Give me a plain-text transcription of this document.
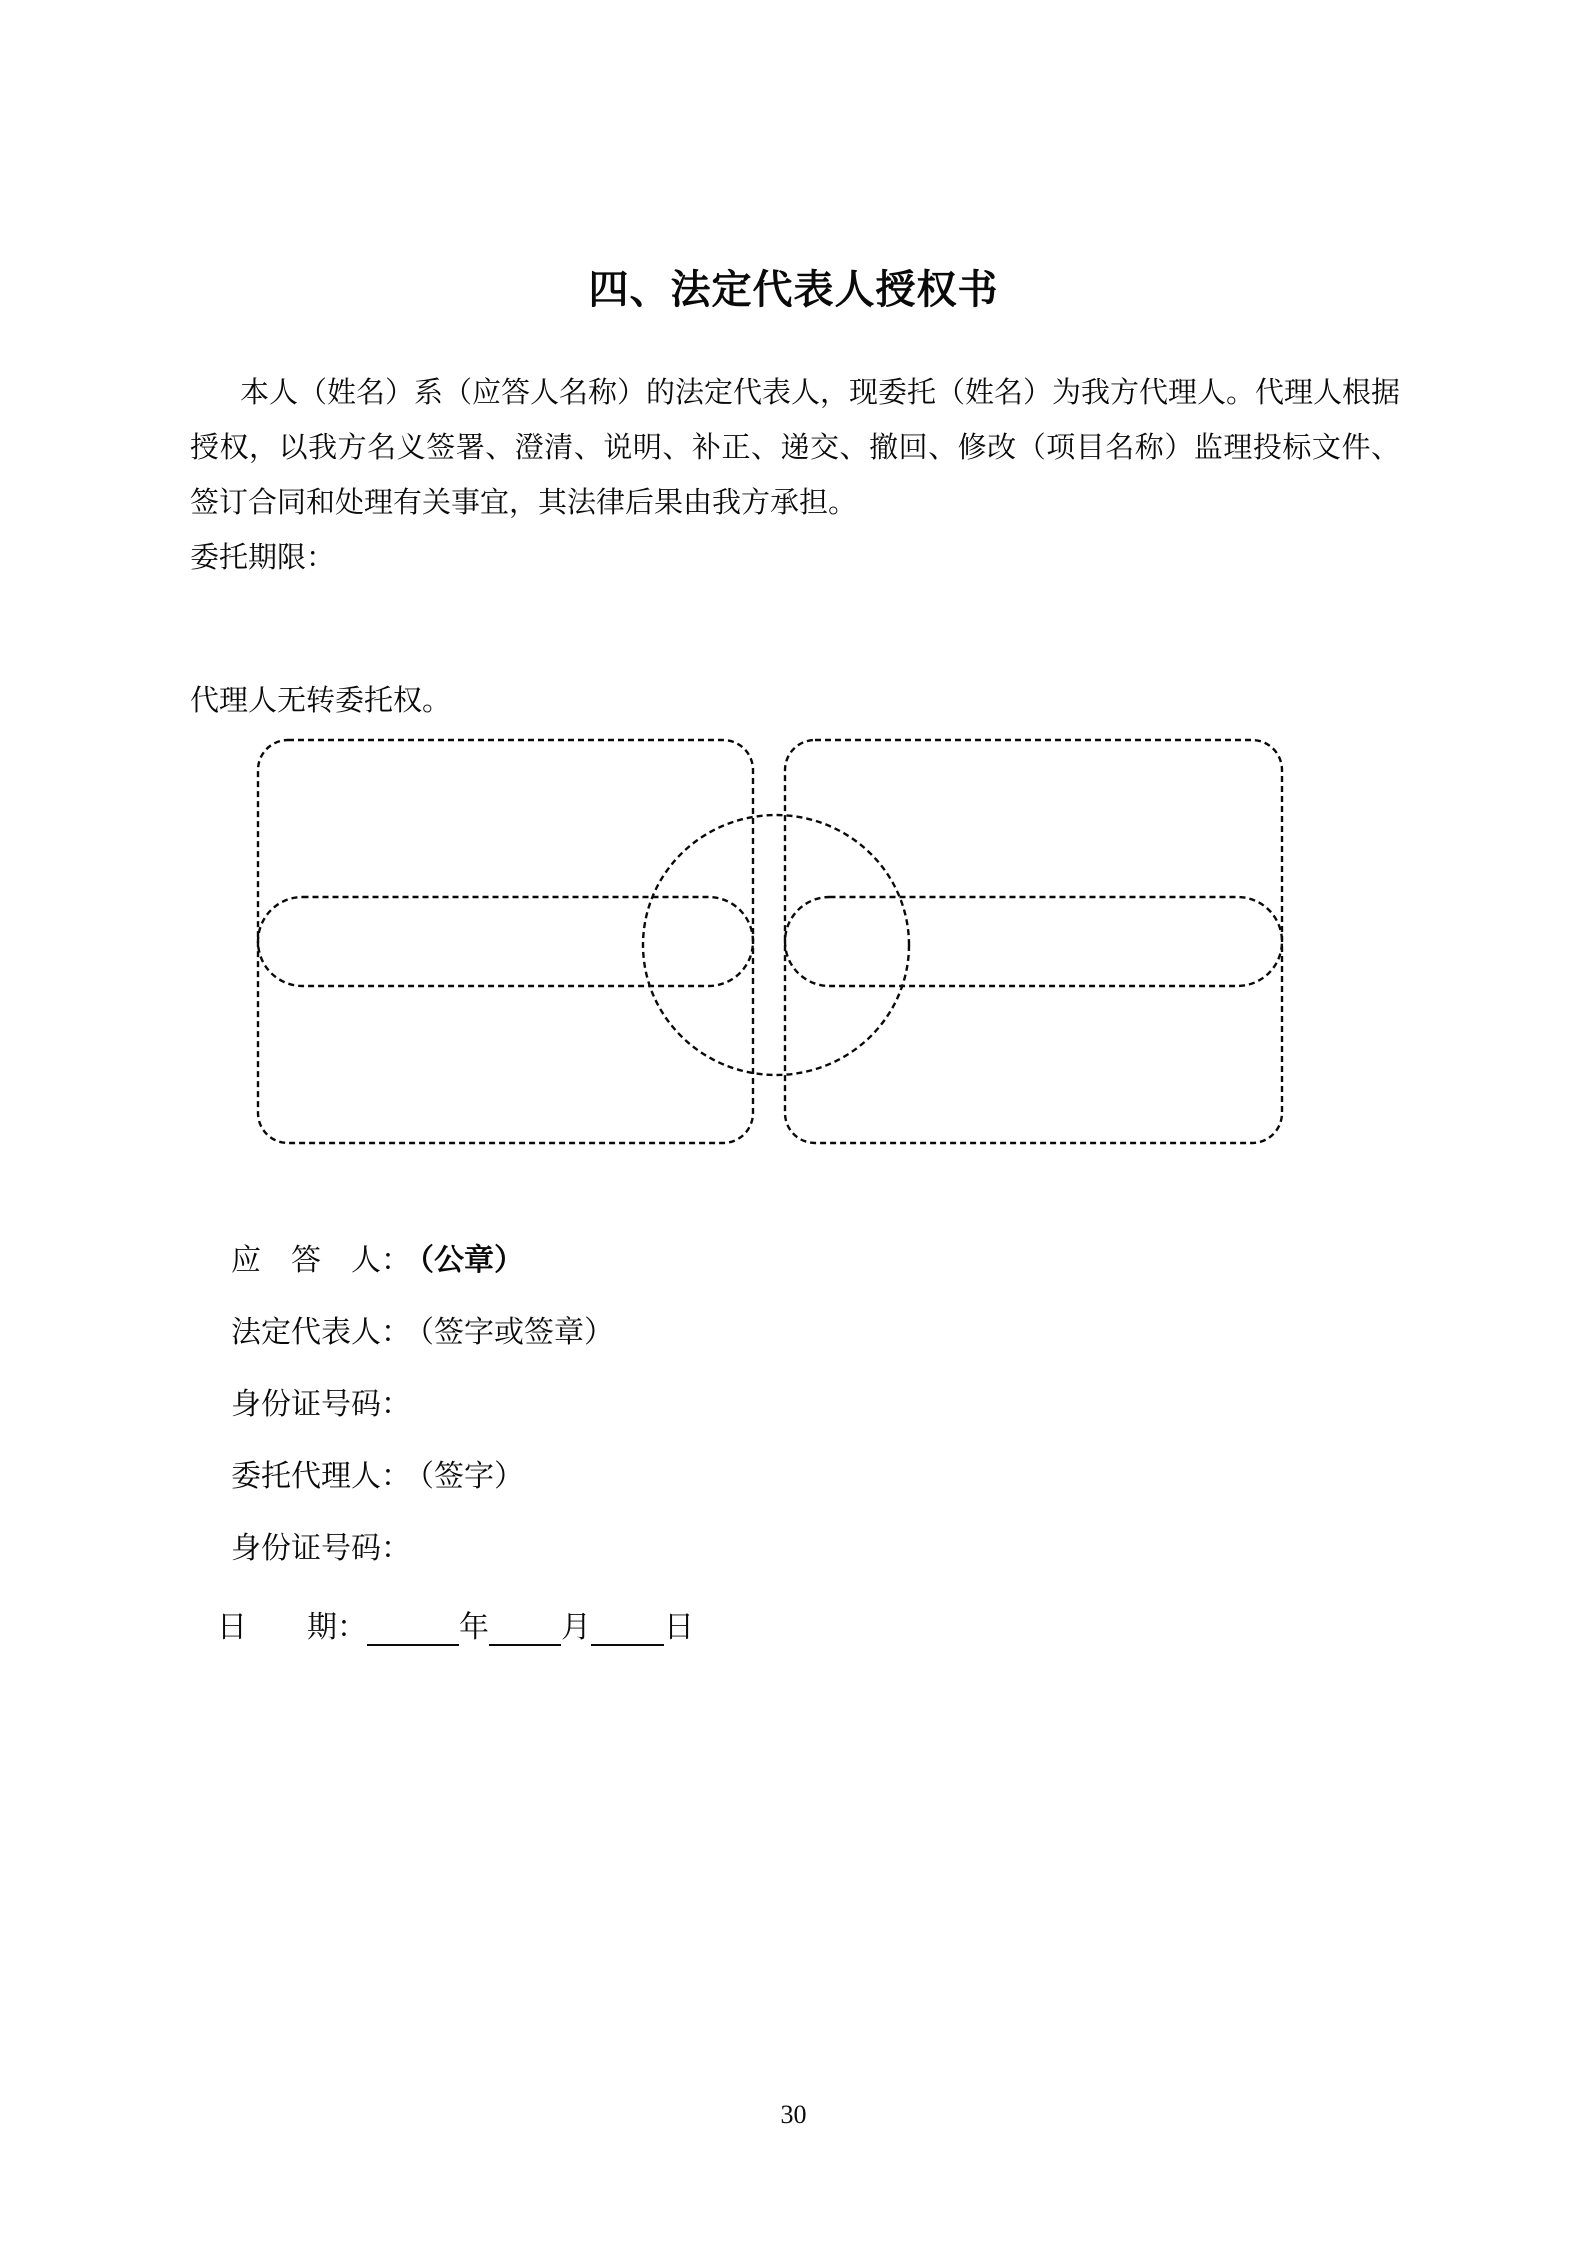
四、法定代表人授权书

本人（姓名）系（应答人名称）的法定代表人，现委托（姓名）为我方代理人。代理人根据授权，以我方名义签署、澄清、说明、补正、递交、撤回、修改（项目名称）监理投标文件、签订合同和处理有关事宜，其法律后果由我方承担。

委托期限：

代理人无转委托权。

应　答　人： （公章）

法定代表人： （签字或签章）

身份证号码：

委托代理人： （签字）

身份证号码：

日　　期：	年 月 日
30
